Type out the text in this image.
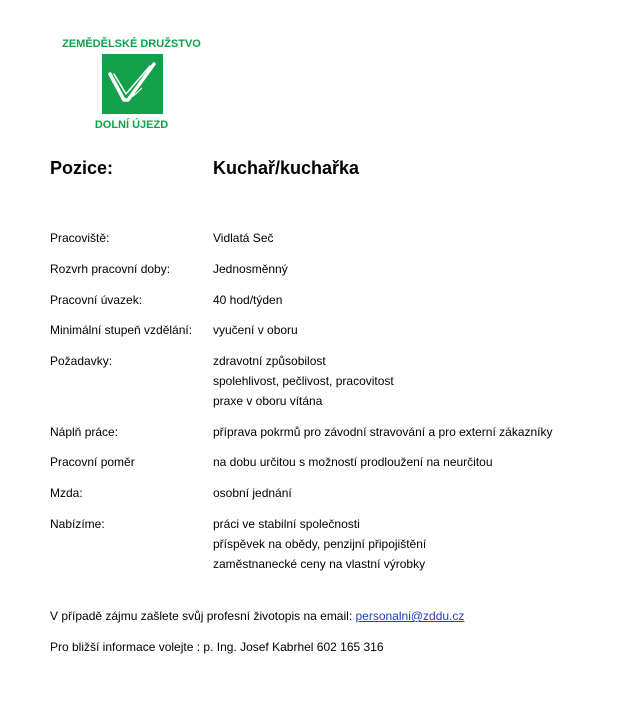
ZEMĚDĚLSKÉ DRUŽSTVO
DOLNÍ ÚJEZD
Pozice:	Kuchař/kuchařka
Pracoviště:	Vidlatá Seč
Rozvrh pracovní doby:	Jednosměnný
Pracovní úvazek:	40 hod/týden
Minimální stupeň vzdělání: vyučení v oboru
Požadavky:	zdravotní způsobilost
spolehlivost, pečlivost, pracovitost
praxe v oboru vítána
Náplň práce:	příprava pokrmů pro závodní stravování a pro externí zákazníky
Pracovní poměr	na dobu určitou s možností prodloužení na neurčitou
Mzda:	osobní jednání
Nabízíme:	práci ve stabilní společnosti
příspěvek na obědy, penzijní připojištění
zaměstnanecké ceny na vlastní výrobky
V případě zájmu zašlete svůj profesní životopis na email: personalni@zddu.cz
Pro bližší informace volejte : p. Ing. Josef Kabrhel 602 165 316
